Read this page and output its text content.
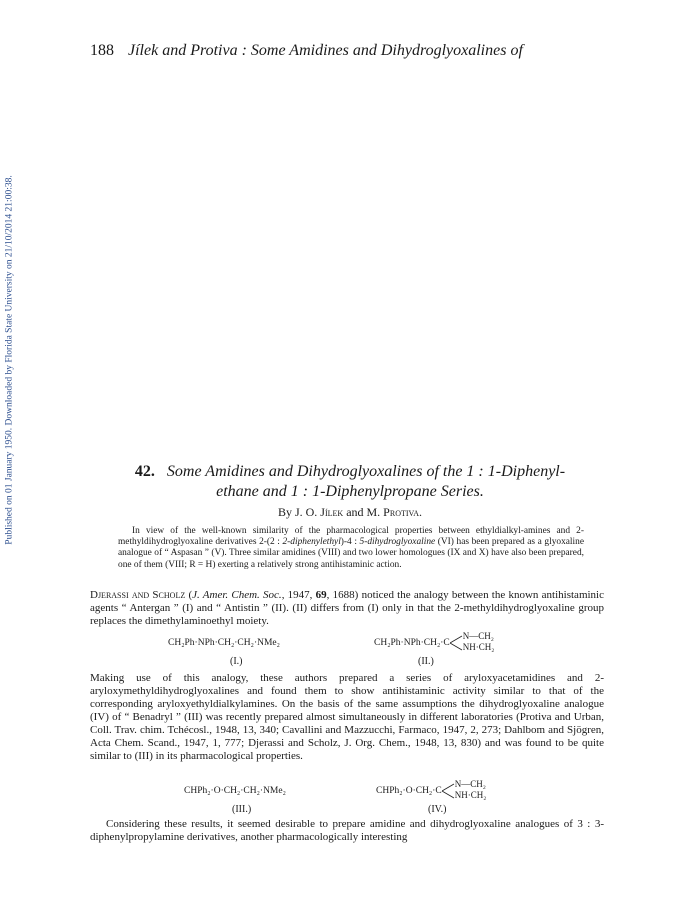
Published on 01 January 1950. Downloaded by Florida State University on 21/10/2014 21:00:38.
188 Jílek and Protiva : Some Amidines and Dihydroglyoxalines of
42. Some Amidines and Dihydroglyoxalines of the 1 : 1-Diphenyl-
ethane and 1 : 1-Diphenylpropane Series.
By J. O. Jílek and M. Protiva.

In view of the well-known similarity of the pharmacological properties between ethyldialkyl-amines and 2-methyldihydroglyoxaline derivatives 2-(2 : 2-diphenylethyl)-4 : 5-dihydroglyoxaline (VI) has been prepared as a glyoxaline analogue of “ Aspasan ” (V). Three similar amidines (VIII) and two lower homologues (IX and X) have also been prepared, one of them (VIII; R = H) exerting a relatively strong antihistaminic action.

Djerassi and Scholz (J. Amer. Chem. Soc., 1947, 69, 1688) noticed the analogy between the known antihistaminic agents “ Antergan ” (I) and “ Antistin ” (II). (II) differs from (I) only in that the 2-methyldihydroglyoxaline group replaces the dimethylaminoethyl moiety.

CH₂Ph·NPh·CH₂·CH₂·NMe₂
(I.)
CH₂Ph·NPh·CH₂·C
N—CH₂
NH·CH₂
(II.)

Making use of this analogy, these authors prepared a series of aryloxyacetamidines and 2-aryloxymethyldihydroglyoxalines and found them to show antihistaminic activity similar to that of the corresponding aryloxyethyldialkylamines. On the basis of the same assumptions the dihydroglyoxaline analogue (IV) of “ Benadryl ” (III) was recently prepared almost simultaneously in different laboratories (Protiva and Urban, Coll. Trav. chim. Tchécosl., 1948, 13, 340; Cavallini and Mazzucchi, Farmaco, 1947, 2, 273; Dahlbom and Sjögren, Acta Chem. Scand., 1947, 1, 777; Djerassi and Scholz, J. Org. Chem., 1948, 13, 830) and was found to be quite similar to (III) in its pharmacological properties.

CHPh₂·O·CH₂·CH₂·NMe₂
(III.)
CHPh₂·O·CH₂·C
N—CH₂
NH·CH₂
(IV.)

Considering these results, it seemed desirable to prepare amidine and dihydroglyoxaline analogues of 3 : 3-diphenylpropylamine derivatives, another pharmacologically interesting
